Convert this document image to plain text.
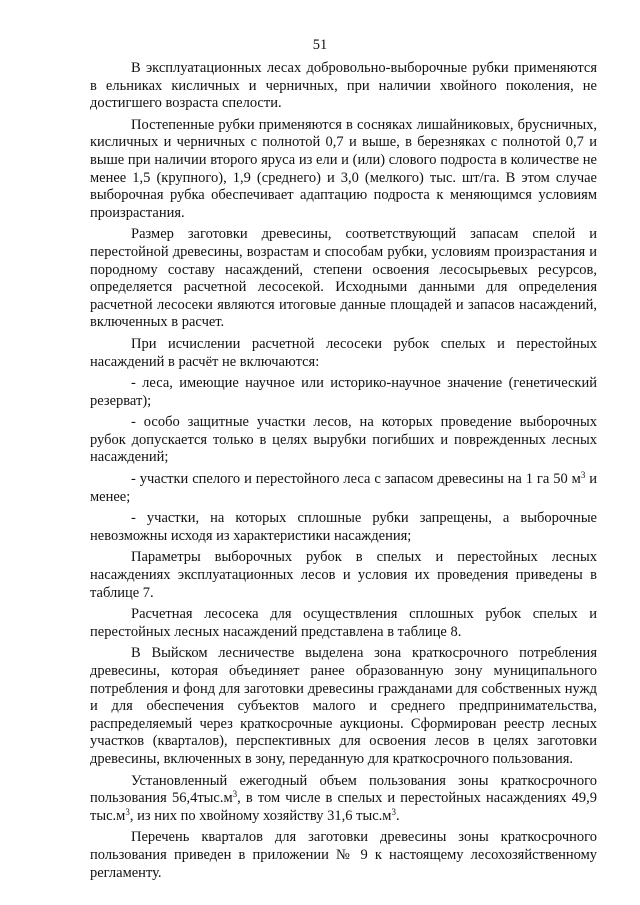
51

В эксплуатационных лесах добровольно-выборочные рубки применяются в ельниках кисличных и черничных, при наличии хвойного поколения, не достигшего возраста спелости.

Постепенные рубки применяются в сосняках лишайниковых, брусничных, кисличных и черничных с полнотой 0,7 и выше, в березняках с полнотой 0,7 и выше при наличии второго яруса из ели и (или) слового подроста в количестве не менее 1,5 (крупного), 1,9 (среднего) и 3,0 (мелкого) тыс. шт/га. В этом случае выборочная рубка обеспечивает адаптацию подроста к меняющимся условиям произрастания.

Размер заготовки древесины, соответствующий запасам спелой и перестойной древесины, возрастам и способам рубки, условиям произрастания и породному составу насаждений, степени освоения лесосырьевых ресурсов, определяется расчетной лесосекой. Исходными данными для определения расчетной лесосеки являются итоговые данные площадей и запасов насаждений, включенных в расчет.

При исчислении расчетной лесосеки рубок спелых и перестойных насаждений в расчёт не включаются:

- леса, имеющие научное или историко-научное значение (генетический резерват);

- особо защитные участки лесов, на которых проведение выборочных рубок допускается только в целях вырубки погибших и поврежденных лесных насаждений;

- участки спелого и перестойного леса с запасом древесины на 1 га 50 $м^3$ и менее;

- участки, на которых сплошные рубки запрещены, а выборочные невозможны исходя из характеристики насаждения;

Параметры выборочных рубок в спелых и перестойных лесных насаждениях эксплуатационных лесов и условия их проведения приведены в таблице 7.

Расчетная лесосека для осуществления сплошных рубок спелых и перестойных лесных насаждений представлена в таблице 8.

В Выйском лесничестве выделена зона краткосрочного потребления древесины, которая объединяет ранее образованную зону муниципального потребления и фонд для заготовки древесины гражданами для собственных нужд и для обеспечения субъектов малого и среднего предпринимательства, распределяемый через краткосрочные аукционы. Сформирован реестр лесных участков (кварталов), перспективных для освоения лесов в целях заготовки древесины, включенных в зону, переданную для краткосрочного пользования.

Установленный ежегодный объем пользования зоны краткосрочного пользования $56,4тыс.м^3$, в том числе в спелых и перестойных насаждениях 49,9 $тыс.м^3$, из них по хвойному хозяйству 31,6 $тыс.м^3$.

Перечень кварталов для заготовки древесины зоны краткосрочного пользования приведен в приложении № 9 к настоящему лесохозяйственному регламенту.
